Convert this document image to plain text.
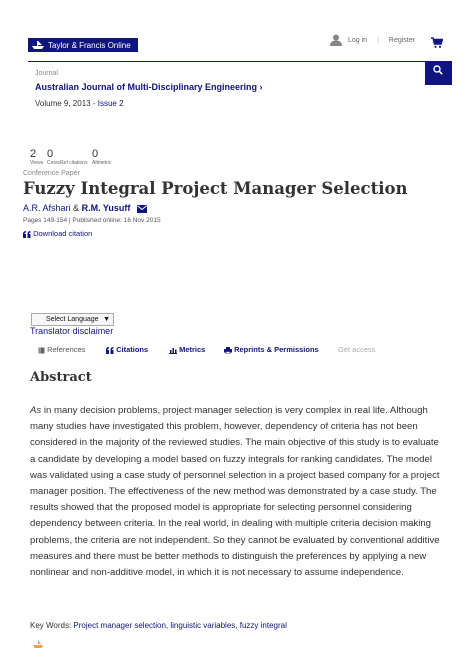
Taylor & Francis Online
Log in | Register
Journal
Australian Journal of Multi-Disciplinary Engineering ›
Volume 9, 2013 - Issue 2
2
Views
0
CrossRef citations
0
Altmetric
Conference Paper
Fuzzy Integral Project Manager Selection
A.R. Afshari & R.M. Yusuff
Pages 149-154 | Published online: 16 Nov 2015
Download citation
Select Language ▼
Translator disclaimer
References	Citations	Metrics	Reprints & Permissions	Get access
Abstract
As in many decision problems, project manager selection is very complex in real life. Although many studies have investigated this problem, however, dependency of criteria has not been considered in the majority of the reviewed studies. The main objective of this study is to evaluate a candidate by developing a model based on fuzzy integrals for ranking candidates. The model was validated using a case study of personnel selection in a project based company for a project manager position. The effectiveness of the new method was demonstrated by a case study. The results showed that the proposed model is appropriate for selecting personnel considering dependency between criteria. In the real world, in dealing with multiple criteria decision making problems, the criteria are not independent. So they cannot be evaluated by conventional additive measures and there must be better methods to distinguish the preferences by applying a new nonlinear and non-additive model, in which it is not necessary to assume independence.
Key Words: Project manager selection, linguistic variables, fuzzy integral
